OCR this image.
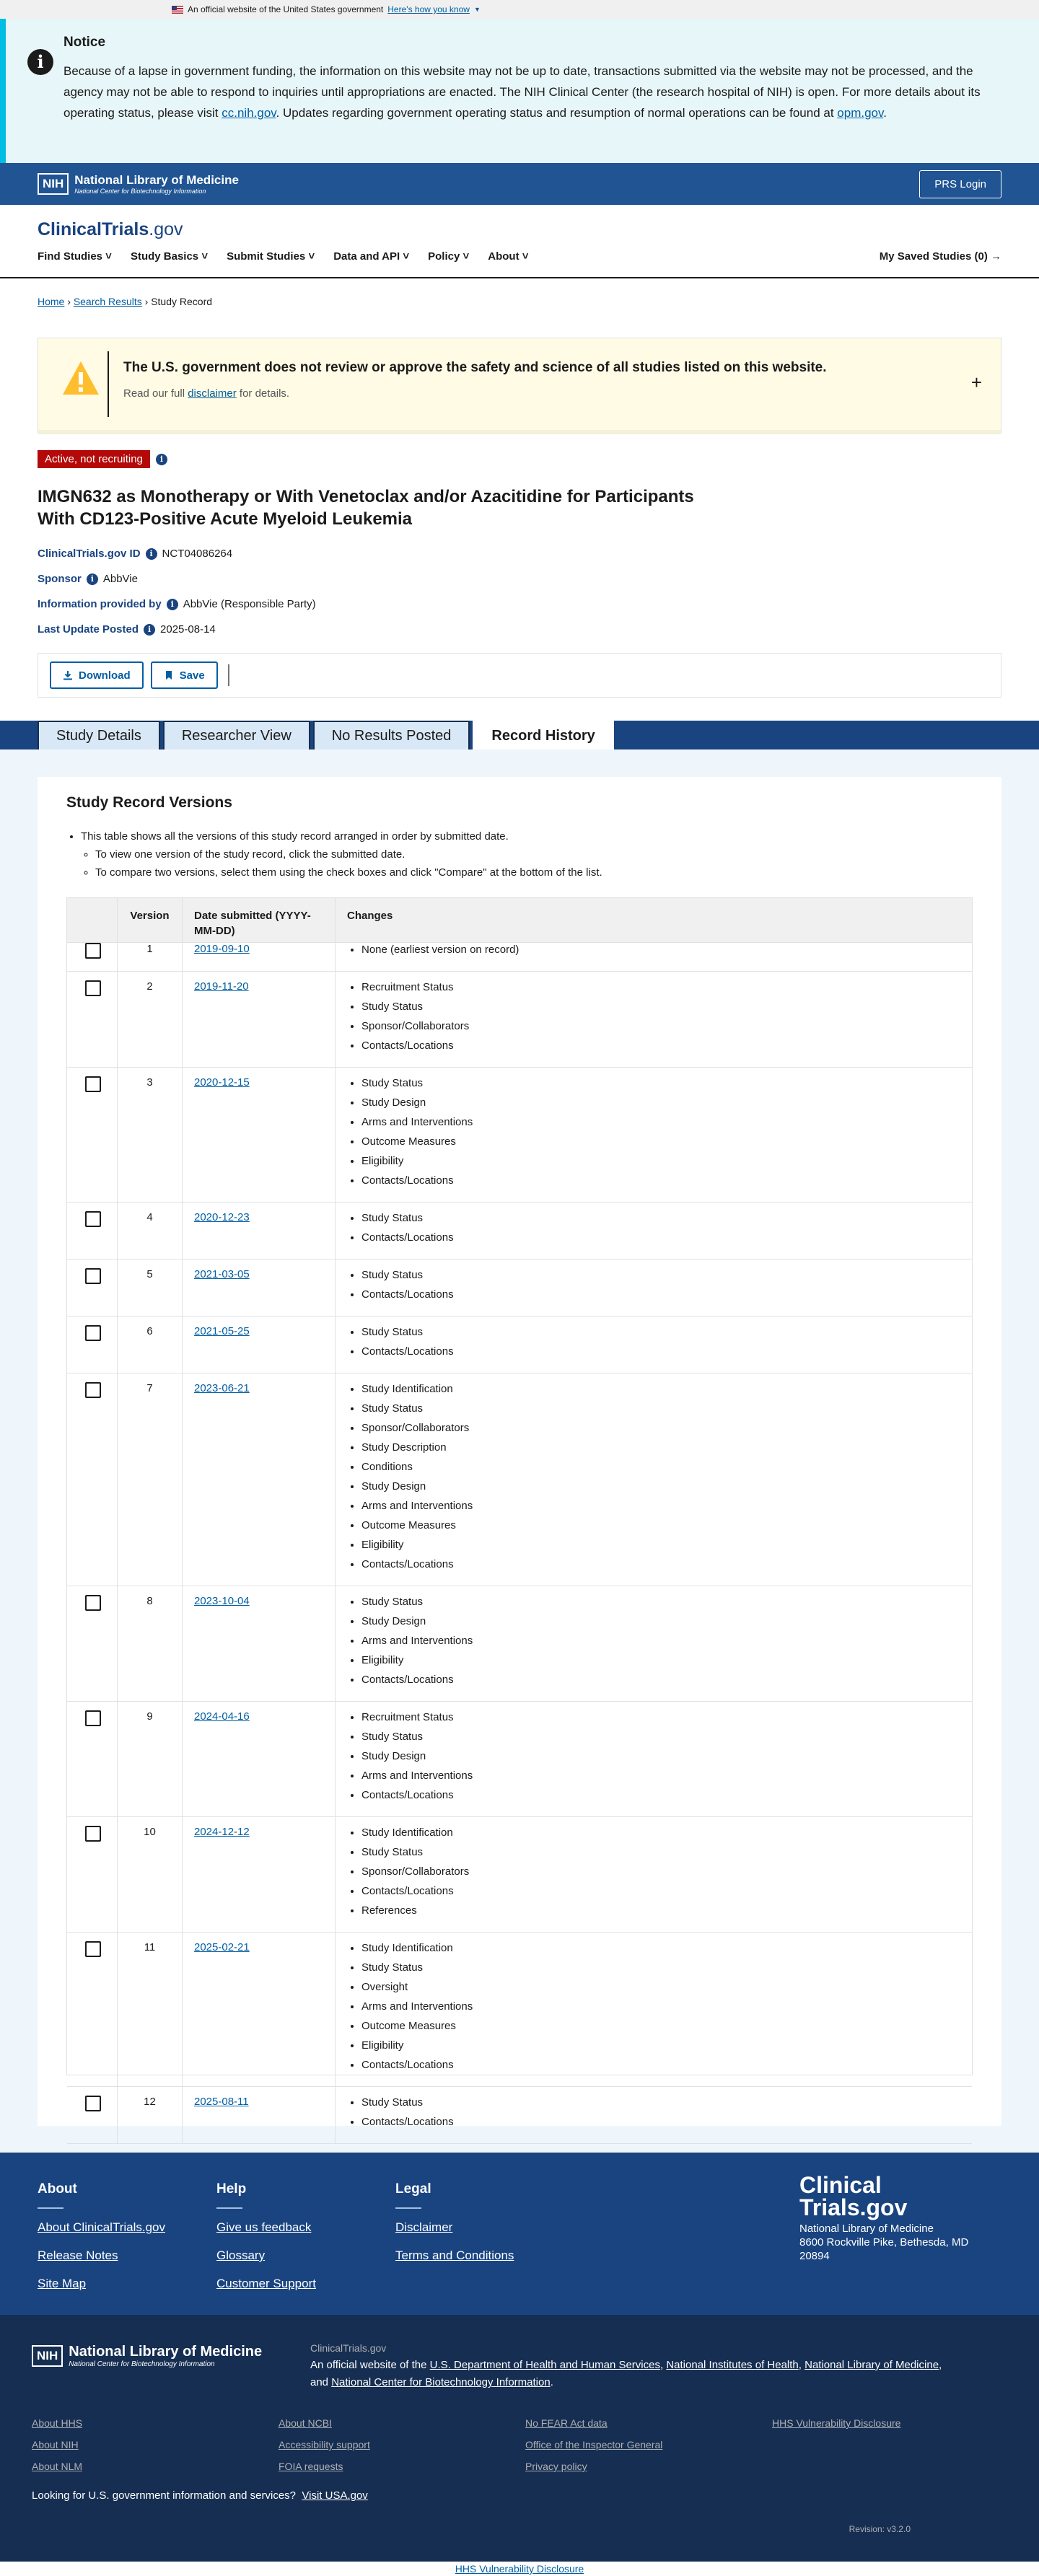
An official website of the United States government Here's how you know ▼
i
Notice

Because of a lapse in government funding, the information on this website may not be up to date, transactions submitted via the website may not be processed, and the agency may not be able to respond to inquiries until appropriations are enacted. The NIH Clinical Center (the research hospital of NIH) is open. For more details about its operating status, please visit cc.nih.gov. Updates regarding government operating status and resumption of normal operations can be found at opm.gov.

NIH National Library of Medicine
National Center for Biotechnology Information
PRS Login
ClinicalTrials.gov
Find Studies ˅ Study Basics ˅ Submit Studies ˅ Data and API ˅ Policy ˅ About ˅	My Saved Studies (0) →
Home › Search Results › Study Record
The U.S. government does not review or approve the safety and science of all studies listed on this website.
Read our full disclaimer for details.
+
Active, not recruiting	i
IMGN632 as Monotherapy or With Venetoclax and/or Azacitidine for Participants With CD123-Positive Acute Myeloid Leukemia
ClinicalTrials.gov ID	i NCT04086264
Sponsor	i AbbVie
Information provided by	i AbbVie (Responsible Party)
Last Update Posted	i 2025-08-14
Download	Save
Study Details	Researcher View	No Results Posted	Record History
Study Record Versions
• This table shows all the versions of this study record arranged in order by submitted date.
◦ To view one version of the study record, click the submitted date.
◦ To compare two versions, select them using the check boxes and click "Compare" at the bottom of the list.
Version	Date submitted (YYYY-MM-DD)
Changes
1	2019-09-10	• None (earliest version on record)
2	2019-11-20	• Recruitment Status
• Study Status
• Sponsor/Collaborators
• Contacts/Locations
3	2020-12-15	• Study Status
• Study Design
• Arms and Interventions
• Outcome Measures
• Eligibility
• Contacts/Locations
4	2020-12-23	• Study Status
• Contacts/Locations
5	2021-03-05	• Study Status
• Contacts/Locations
6	2021-05-25	• Study Status
• Contacts/Locations
7	2023-06-21	• Study Identification
• Study Status
• Sponsor/Collaborators
• Study Description
• Conditions
• Study Design
• Arms and Interventions
• Outcome Measures
• Eligibility
• Contacts/Locations
8	2023-10-04	• Study Status
• Study Design
• Arms and Interventions
• Eligibility
• Contacts/Locations
9	2024-04-16	• Recruitment Status
• Study Status
• Study Design
• Arms and Interventions
• Contacts/Locations
10	2024-12-12	• Study Identification
• Study Status
• Sponsor/Collaborators
• Contacts/Locations
• References
11	2025-02-21	• Study Identification
• Study Status
• Oversight
• Arms and Interventions
• Outcome Measures
• Eligibility
• Contacts/Locations
12	2025-08-11	• Study Status
• Contacts/Locations
About
About ClinicalTrials.gov
Release Notes
Site Map
Help
Give us feedback
Glossary
Customer Support
Legal
Disclaimer
Terms and Conditions
Clinical Trials.gov
National Library of Medicine
8600 Rockville Pike, Bethesda, MD 20894
NIH National Library of Medicine
National Center for Biotechnology Information
ClinicalTrials.gov
An official website of the U.S. Department of Health and Human Services, National Institutes of Health, National Library of Medicine,
and National Center for Biotechnology Information.
About HHS
About NIH
About NLM
About NCBI
Accessibility support
FOIA requests
No FEAR Act data
Office of the Inspector General
Privacy policy
HHS Vulnerability Disclosure
Looking for U.S. government information and services? Visit USA.gov
Revision: v3.2.0
HHS Vulnerability Disclosure
